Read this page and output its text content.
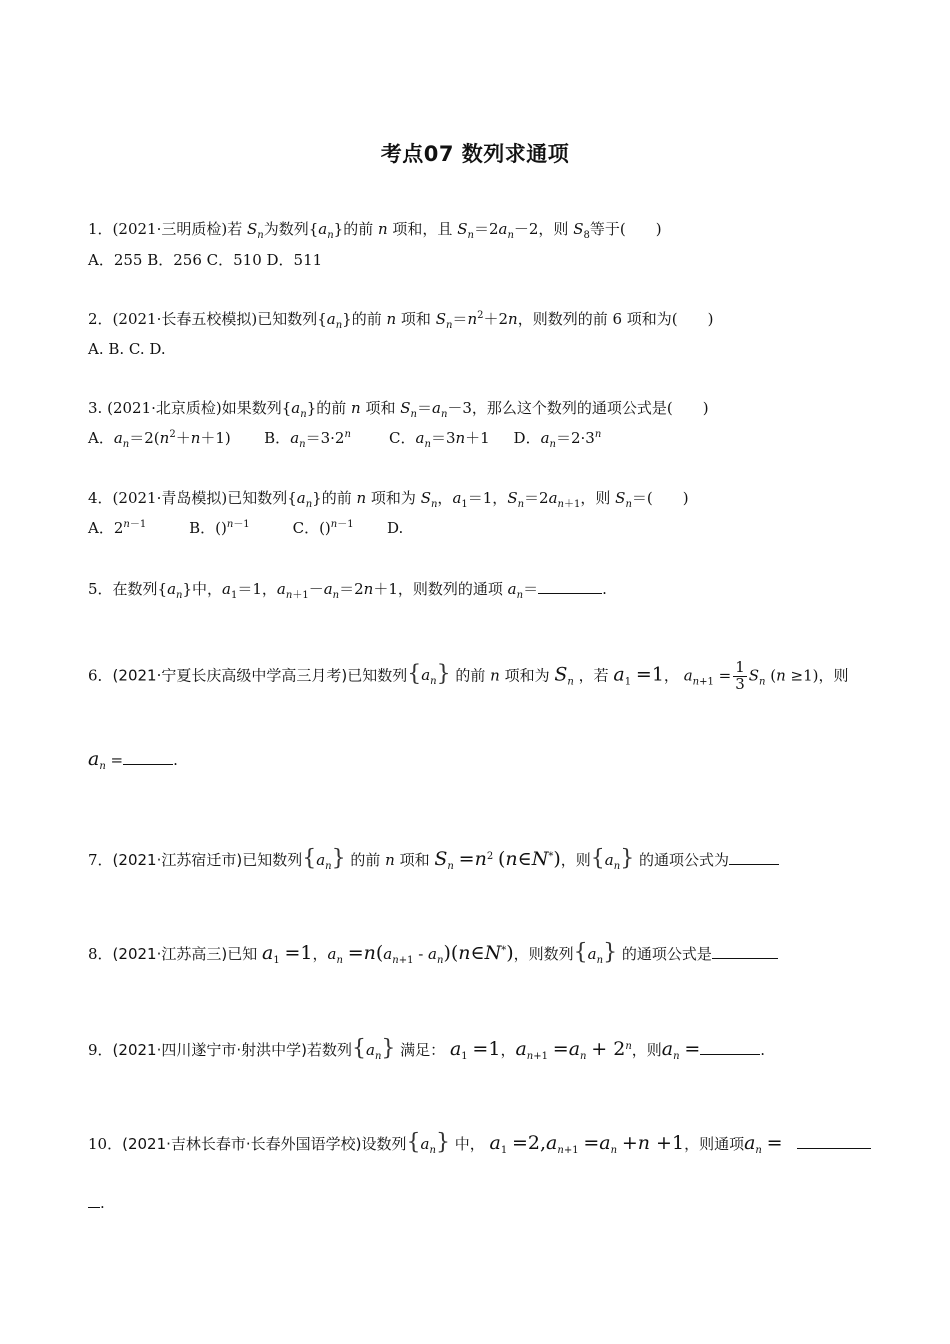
考点07 数列求通项
1．(2021·三明质检)若 $S_n$为数列$\{a_n\}$的前 n 项和，且 $S_n=2a_n-2$，则 $S_8$等于(　　)
A．255 B．256 C．510 D．511
2．(2021·长春五校模拟)已知数列$\{a_n\}$的前 n 项和 $S_n=n^2+2n$，则数列的前 6 项和为(　　)
A. B. C. D.
3. (2021·北京质检)如果数列$\{a_n\}$的前 n 项和 $S_n=a_n-3$，那么这个数列的通项公式是(　　)
A．$a_n=2(n^2+n+1)$       B．$a_n=3\cdot 2^n$        C．$a_n=3n+1$     D．$a_n=2\cdot 3^n$
4．(2021·青岛模拟)已知数列$\{a_n\}$的前 n 项和为 $S_n$，$a_1=1$，$S_n=2a_{n+1}$，则 $S_n=$(　　)
A．$2^{n-1}$         B．()$^{n-1}$         C．()$^{n-1}$       D.
5．在数列$\{a_n\}$中，$a_1=1$，$a_{n+1}-a_n=2n+1$，则数列的通项 $a_n=$	.
6．(2021·宁夏长庆高级中学高三月考)已知数列$\{a_n\}$ 的前 n 项和为 $S_n$ ，若 $a_1 =1$， $a_{n+1} = \frac{1}{3} S_n$ (n ≥1)，则
$a_n$ =	.
7．(2021·江苏宿迁市)已知数列$\{a_n\}$ 的前 n 项和 $S_n =n^2$ (n∈N*)，则$\{a_n\}$ 的通项公式为
8．(2021·江苏高三)已知 $a_1 =1$，$a_n =n(a_{n+1}$ - $a_n)(n\in N^*)$，则数列$\{a_n\}$ 的通项公式是
9．(2021·四川遂宁市·射洪中学)若数列$\{a_n\}$ 满足： $a_1 =1$，$a_{n+1} =a_n + 2^n$，则$a_n$ =	.
10．(2021·吉林长春市·长春外国语学校)设数列$\{a_n\}$ 中， $a_1 =2,a_{n+1} =a_n +n +1$，则通项$a_n$ =
.
